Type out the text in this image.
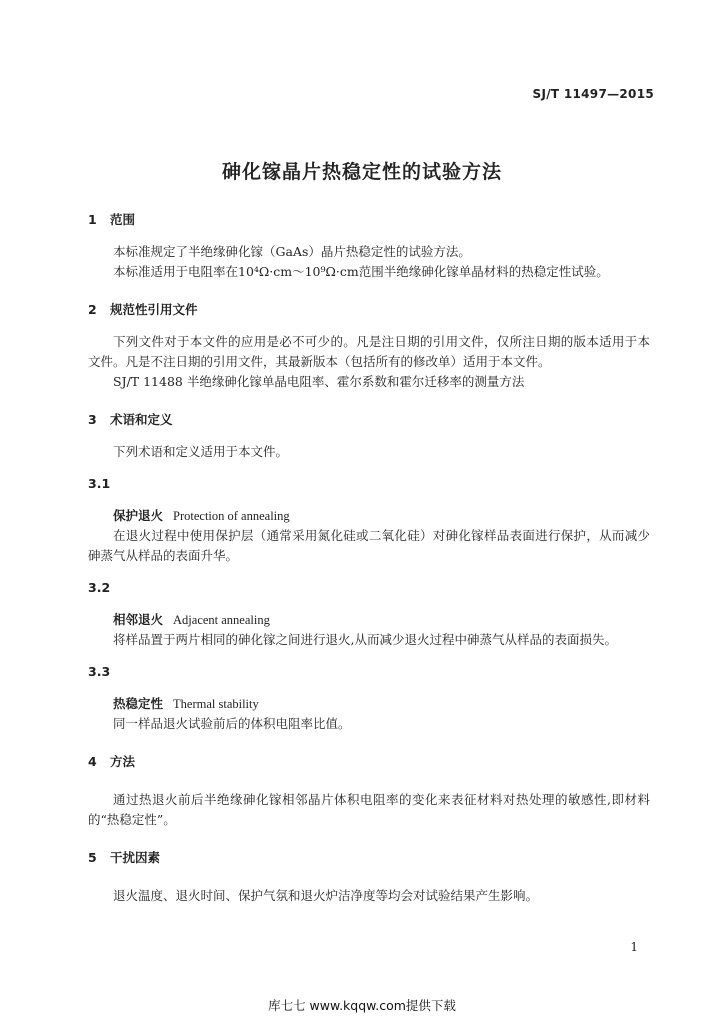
SJ/T 11497—2015
砷化镓晶片热稳定性的试验方法
1 范围
本标准规定了半绝缘砷化镓（GaAs）晶片热稳定性的试验方法。
本标准适用于电阻率在10⁴Ω·cm～10⁹Ω·cm范围半绝缘砷化镓单晶材料的热稳定性试验。
2 规范性引用文件
下列文件对于本文件的应用是必不可少的。凡是注日期的引用文件，仅所注日期的版本适用于本文件。凡是不注日期的引用文件，其最新版本（包括所有的修改单）适用于本文件。
SJ/T 11488 半绝缘砷化镓单晶电阻率、霍尔系数和霍尔迁移率的测量方法
3 术语和定义
下列术语和定义适用于本文件。
3.1
保护退火 Protection of annealing
在退火过程中使用保护层（通常采用氮化硅或二氧化硅）对砷化镓样品表面进行保护，从而减少砷蒸气从样品的表面升华。
3.2
相邻退火 Adjacent annealing
将样品置于两片相同的砷化镓之间进行退火,从而减少退火过程中砷蒸气从样品的表面损失。
3.3
热稳定性 Thermal stability
同一样品退火试验前后的体积电阻率比值。
4 方法
通过热退火前后半绝缘砷化镓相邻晶片体积电阻率的变化来表征材料对热处理的敏感性,即材料的“热稳定性”。
5 干扰因素
退火温度、退火时间、保护气氛和退火炉洁净度等均会对试验结果产生影响。
1
库七七 www.kqqw.com提供下载
